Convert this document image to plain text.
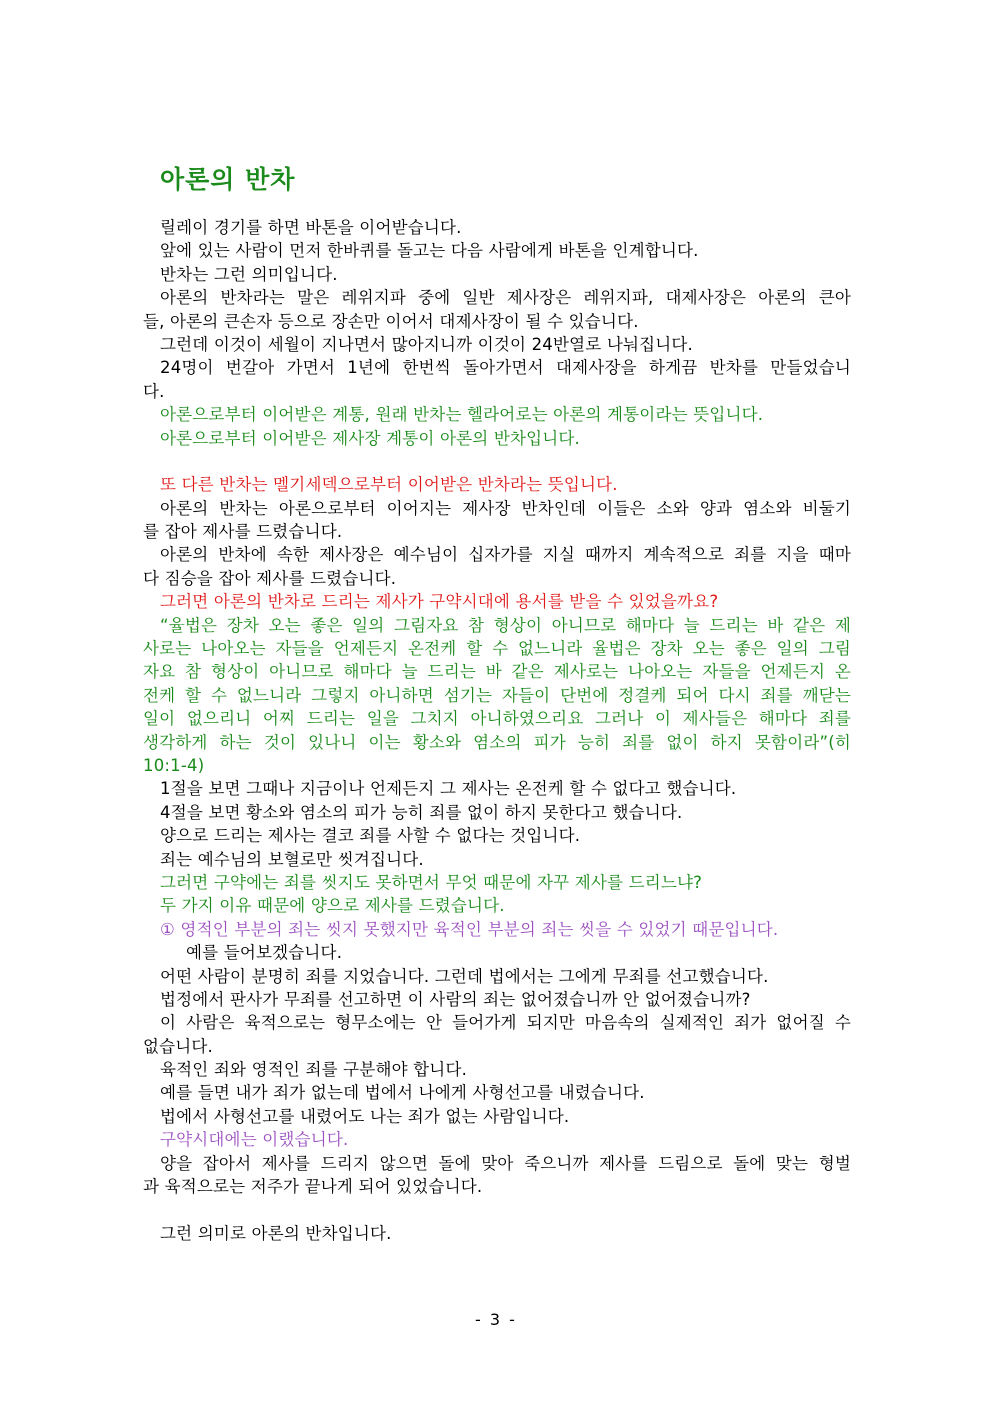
아론의 반차
릴레이 경기를 하면 바톤을 이어받습니다.
앞에 있는 사람이 먼저 한바퀴를 돌고는 다음 사람에게 바톤을 인계합니다.
반차는 그런 의미입니다.
아론의 반차라는 말은 레위지파 중에 일반 제사장은 레위지파, 대제사장은 아론의 큰아
들, 아론의 큰손자 등으로 장손만 이어서 대제사장이 될 수 있습니다.
그런데 이것이 세월이 지나면서 많아지니까 이것이 24반열로 나눠집니다.
24명이 번갈아 가면서 1년에 한번씩 돌아가면서 대제사장을 하게끔 반차를 만들었습니
다.
아론으로부터 이어받은 계통, 원래 반차는 헬라어로는 아론의 계통이라는 뜻입니다.
아론으로부터 이어받은 제사장 계통이 아론의 반차입니다.
또 다른 반차는 멜기세덱으로부터 이어받은 반차라는 뜻입니다.
아론의 반차는 아론으로부터 이어지는 제사장 반차인데 이들은 소와 양과 염소와 비둘기
를 잡아 제사를 드렸습니다.
아론의 반차에 속한 제사장은 예수님이 십자가를 지실 때까지 계속적으로 죄를 지을 때마
다 짐승을 잡아 제사를 드렸습니다.
그러면 아론의 반차로 드리는 제사가 구약시대에 용서를 받을 수 있었을까요?
“율법은 장차 오는 좋은 일의 그림자요 참 형상이 아니므로 해마다 늘 드리는 바 같은 제
사로는 나아오는 자들을 언제든지 온전케 할 수 없느니라 율법은 장차 오는 좋은 일의 그림
자요 참 형상이 아니므로 해마다 늘 드리는 바 같은 제사로는 나아오는 자들을 언제든지 온
전케 할 수 없느니라 그렇지 아니하면 섬기는 자들이 단번에 정결케 되어 다시 죄를 깨닫는
일이 없으리니 어찌 드리는 일을 그치지 아니하였으리요 그러나 이 제사들은 해마다 죄를
생각하게 하는 것이 있나니 이는 황소와 염소의 피가 능히 죄를 없이 하지 못함이라”(히
10:1-4)
1절을 보면 그때나 지금이나 언제든지 그 제사는 온전케 할 수 없다고 했습니다.
4절을 보면 황소와 염소의 피가 능히 죄를 없이 하지 못한다고 했습니다.
양으로 드리는 제사는 결코 죄를 사할 수 없다는 것입니다.
죄는 예수님의 보혈로만 씻겨집니다.
그러면 구약에는 죄를 씻지도 못하면서 무엇 때문에 자꾸 제사를 드리느냐?
두 가지 이유 때문에 양으로 제사를 드렸습니다.
① 영적인 부분의 죄는 씻지 못했지만 육적인 부분의 죄는 씻을 수 있었기 때문입니다.
예를 들어보겠습니다.
어떤 사람이 분명히 죄를 지었습니다. 그런데 법에서는 그에게 무죄를 선고했습니다.
법정에서 판사가 무죄를 선고하면 이 사람의 죄는 없어졌습니까 안 없어졌습니까?
이 사람은 육적으로는 형무소에는 안 들어가게 되지만 마음속의 실제적인 죄가 없어질 수
없습니다.
육적인 죄와 영적인 죄를 구분해야 합니다.
예를 들면 내가 죄가 없는데 법에서 나에게 사형선고를 내렸습니다.
법에서 사형선고를 내렸어도 나는 죄가 없는 사람입니다.
구약시대에는 이랬습니다.
양을 잡아서 제사를 드리지 않으면 돌에 맞아 죽으니까 제사를 드림으로 돌에 맞는 형벌
과 육적으로는 저주가 끝나게 되어 있었습니다.
그런 의미로 아론의 반차입니다.
- 3 -
